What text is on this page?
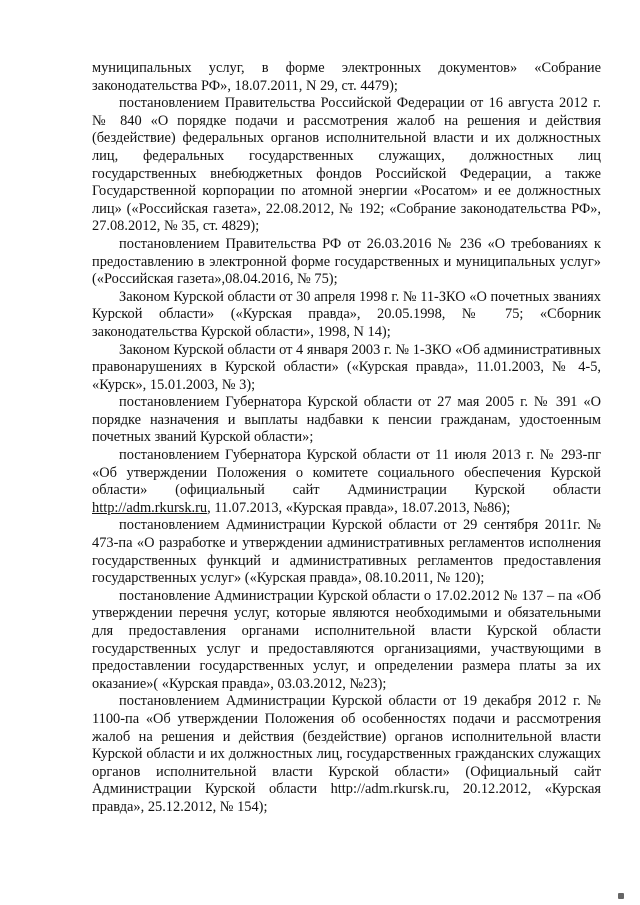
муниципальных услуг, в форме электронных документов» «Собрание законодательства РФ», 18.07.2011, N 29, ст. 4479);

постановлением Правительства Российской Федерации от 16 августа 2012 г. № 840 «О порядке подачи и рассмотрения жалоб на решения и действия (бездействие) федеральных органов исполнительной власти и их должностных лиц, федеральных государственных служащих, должностных лиц государственных внебюджетных фондов Российской Федерации, а также Государственной корпорации по атомной энергии «Росатом» и ее должностных лиц» («Российская газета», 22.08.2012, № 192; «Собрание законодательства РФ», 27.08.2012, № 35, ст. 4829);

постановлением Правительства РФ от 26.03.2016 № 236 «О требованиях к предоставлению в электронной форме государственных и муниципальных услуг» («Российская газета»,08.04.2016, № 75);

Законом Курской области от 30 апреля 1998 г. № 11-ЗКО «О почетных званиях Курской области» («Курская правда», 20.05.1998, № 75; «Сборник законодательства Курской области», 1998, N 14);

Законом Курской области от 4 января 2003 г. № 1-ЗКО «Об административных правонарушениях в Курской области» («Курская правда», 11.01.2003, № 4-5, «Курск», 15.01.2003, № 3);

постановлением Губернатора Курской области от 27 мая 2005 г. № 391 «О порядке назначения и выплаты надбавки к пенсии гражданам, удостоенным почетных званий Курской области»;

постановлением Губернатора Курской области от 11 июля 2013 г. № 293-пг «Об утверждении Положения о комитете социального обеспечения Курской области» (официальный сайт Администрации Курской области http://adm.rkursk.ru, 11.07.2013, «Курская правда», 18.07.2013, №86);

постановлением Администрации Курской области от 29 сентября 2011г. № 473-па «О разработке и утверждении административных регламентов исполнения государственных функций и административных регламентов предоставления государственных услуг» («Курская правда», 08.10.2011, № 120);

постановление Администрации Курской области о 17.02.2012 № 137 – па «Об утверждении перечня услуг, которые являются необходимыми и обязательными для предоставления органами исполнительной власти Курской области государственных услуг и предоставляются организациями, участвующими в предоставлении государственных услуг, и определении размера платы за их оказание»( «Курская правда», 03.03.2012, №23);

постановлением Администрации Курской области от 19 декабря 2012 г. № 1100-па «Об утверждении Положения об особенностях подачи и рассмотрения жалоб на решения и действия (бездействие) органов исполнительной власти Курской области и их должностных лиц, государственных гражданских служащих органов исполнительной власти Курской области» (Официальный сайт Администрации Курской области http://adm.rkursk.ru, 20.12.2012, «Курская правда», 25.12.2012, № 154);
